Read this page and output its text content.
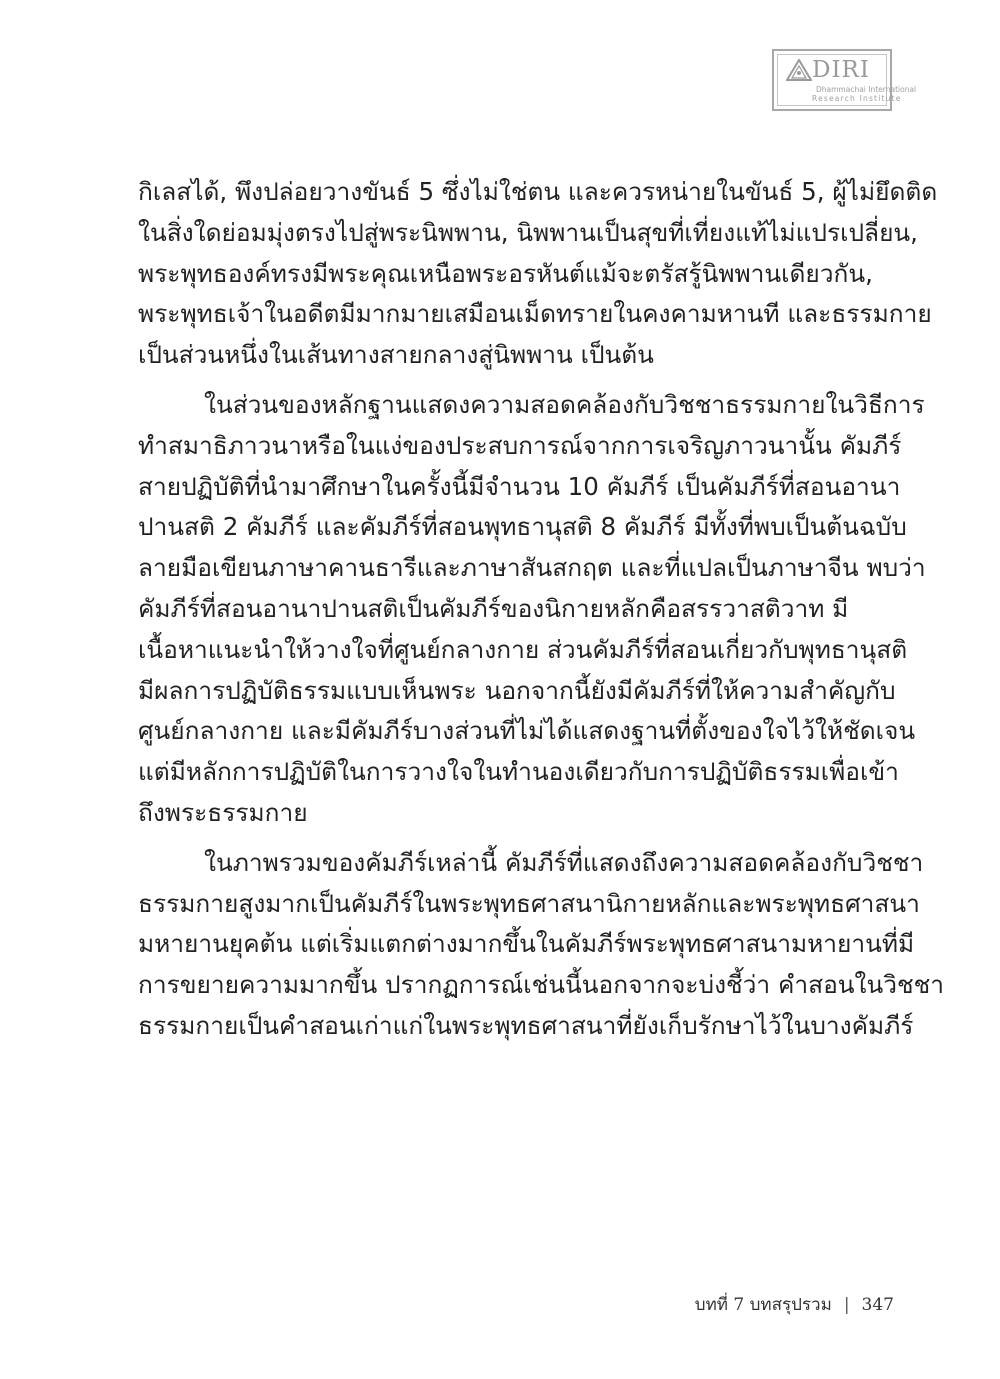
DIRI
Dhammachai International
Research Institute

กิเลสได้, พึงปล่อยวางขันธ์ 5 ซึ่งไม่ใช่ตน และควรหน่ายในขันธ์ 5, ผู้ไม่ยึดติด
ในสิ่งใดย่อมมุ่งตรงไปสู่พระนิพพาน, นิพพานเป็นสุขที่เที่ยงแท้ไม่แปรเปลี่ยน,
พระพุทธองค์ทรงมีพระคุณเหนือพระอรหันต์แม้จะตรัสรู้นิพพานเดียวกัน,
พระพุทธเจ้าในอดีตมีมากมายเสมือนเม็ดทรายในคงคามหานที และธรรมกาย
เป็นส่วนหนึ่งในเส้นทางสายกลางสู่นิพพาน เป็นต้น

ในส่วนของหลักฐานแสดงความสอดคล้องกับวิชชาธรรมกายในวิธีการ
ทำสมาธิภาวนาหรือในแง่ของประสบการณ์จากการเจริญภาวนานั้น คัมภีร์
สายปฏิบัติที่นำมาศึกษาในครั้งนี้มีจำนวน 10 คัมภีร์ เป็นคัมภีร์ที่สอนอานา
ปานสติ 2 คัมภีร์ และคัมภีร์ที่สอนพุทธานุสติ 8 คัมภีร์ มีทั้งที่พบเป็นต้นฉบับ
ลายมือเขียนภาษาคานธารีและภาษาสันสกฤต และที่แปลเป็นภาษาจีน พบว่า
คัมภีร์ที่สอนอานาปานสติเป็นคัมภีร์ของนิกายหลักคือสรรวาสติวาท มี
เนื้อหาแนะนำให้วางใจที่ศูนย์กลางกาย ส่วนคัมภีร์ที่สอนเกี่ยวกับพุทธานุสติ
มีผลการปฏิบัติธรรมแบบเห็นพระ นอกจากนี้ยังมีคัมภีร์ที่ให้ความสำคัญกับ
ศูนย์กลางกาย และมีคัมภีร์บางส่วนที่ไม่ได้แสดงฐานที่ตั้งของใจไว้ให้ชัดเจน
แต่มีหลักการปฏิบัติในการวางใจในทำนองเดียวกับการปฏิบัติธรรมเพื่อเข้า
ถึงพระธรรมกาย

ในภาพรวมของคัมภีร์เหล่านี้ คัมภีร์ที่แสดงถึงความสอดคล้องกับวิชชา
ธรรมกายสูงมากเป็นคัมภีร์ในพระพุทธศาสนานิกายหลักและพระพุทธศาสนา
มหายานยุคต้น แต่เริ่มแตกต่างมากขึ้นในคัมภีร์พระพุทธศาสนามหายานที่มี
การขยายความมากขึ้น ปรากฏการณ์เช่นนี้นอกจากจะบ่งชี้ว่า คำสอนในวิชชา
ธรรมกายเป็นคำสอนเก่าแก่ในพระพุทธศาสนาที่ยังเก็บรักษาไว้ในบางคัมภีร์

บทที่ 7 บทสรุปรวม | 347
